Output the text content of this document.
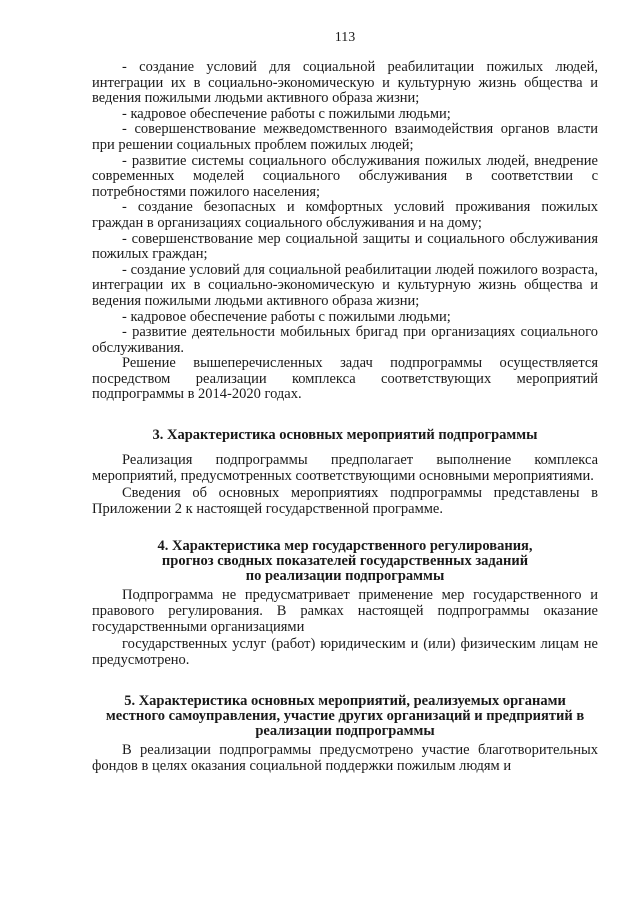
113

- создание условий для социальной реабилитации пожилых людей, интеграции их в социально-экономическую и культурную жизнь общества и ведения пожилыми людьми активного образа жизни;

- кадровое обеспечение работы с пожилыми людьми;

- совершенствование межведомственного взаимодействия органов власти при решении социальных проблем пожилых людей;

- развитие системы социального обслуживания пожилых людей, внедрение современных моделей социального обслуживания в соответствии с потребностями пожилого населения;

- создание безопасных и комфортных условий проживания пожилых граждан в организациях социального обслуживания и на дому;

- совершенствование мер социальной защиты и социального обслуживания пожилых граждан;

- создание условий для социальной реабилитации людей пожилого возраста, интеграции их в социально-экономическую и культурную жизнь общества и ведения пожилыми людьми активного образа жизни;

- кадровое обеспечение работы с пожилыми людьми;

- развитие деятельности мобильных бригад при организациях социального обслуживания.

Решение вышеперечисленных задач подпрограммы осуществляется посредством реализации комплекса соответствующих мероприятий подпрограммы в 2014-2020 годах.

3. Характеристика основных мероприятий подпрограммы

Реализация подпрограммы предполагает выполнение комплекса мероприятий, предусмотренных соответствующими основными мероприятиями.

Сведения об основных мероприятиях подпрограммы представлены в Приложении 2 к настоящей государственной программе.

4. Характеристика мер государственного регулирования,
прогноз сводных показателей государственных заданий
по реализации подпрограммы

Подпрограмма не предусматривает применение мер государственного и правового регулирования. В рамках настоящей подпрограммы оказание государственными организациями

государственных услуг (работ) юридическим и (или) физическим лицам не предусмотрено.

5. Характеристика основных мероприятий, реализуемых органами
местного самоуправления, участие других организаций и предприятий в
реализации подпрограммы

В реализации подпрограммы предусмотрено участие благотворительных фондов в целях оказания социальной поддержки пожилым людям и
